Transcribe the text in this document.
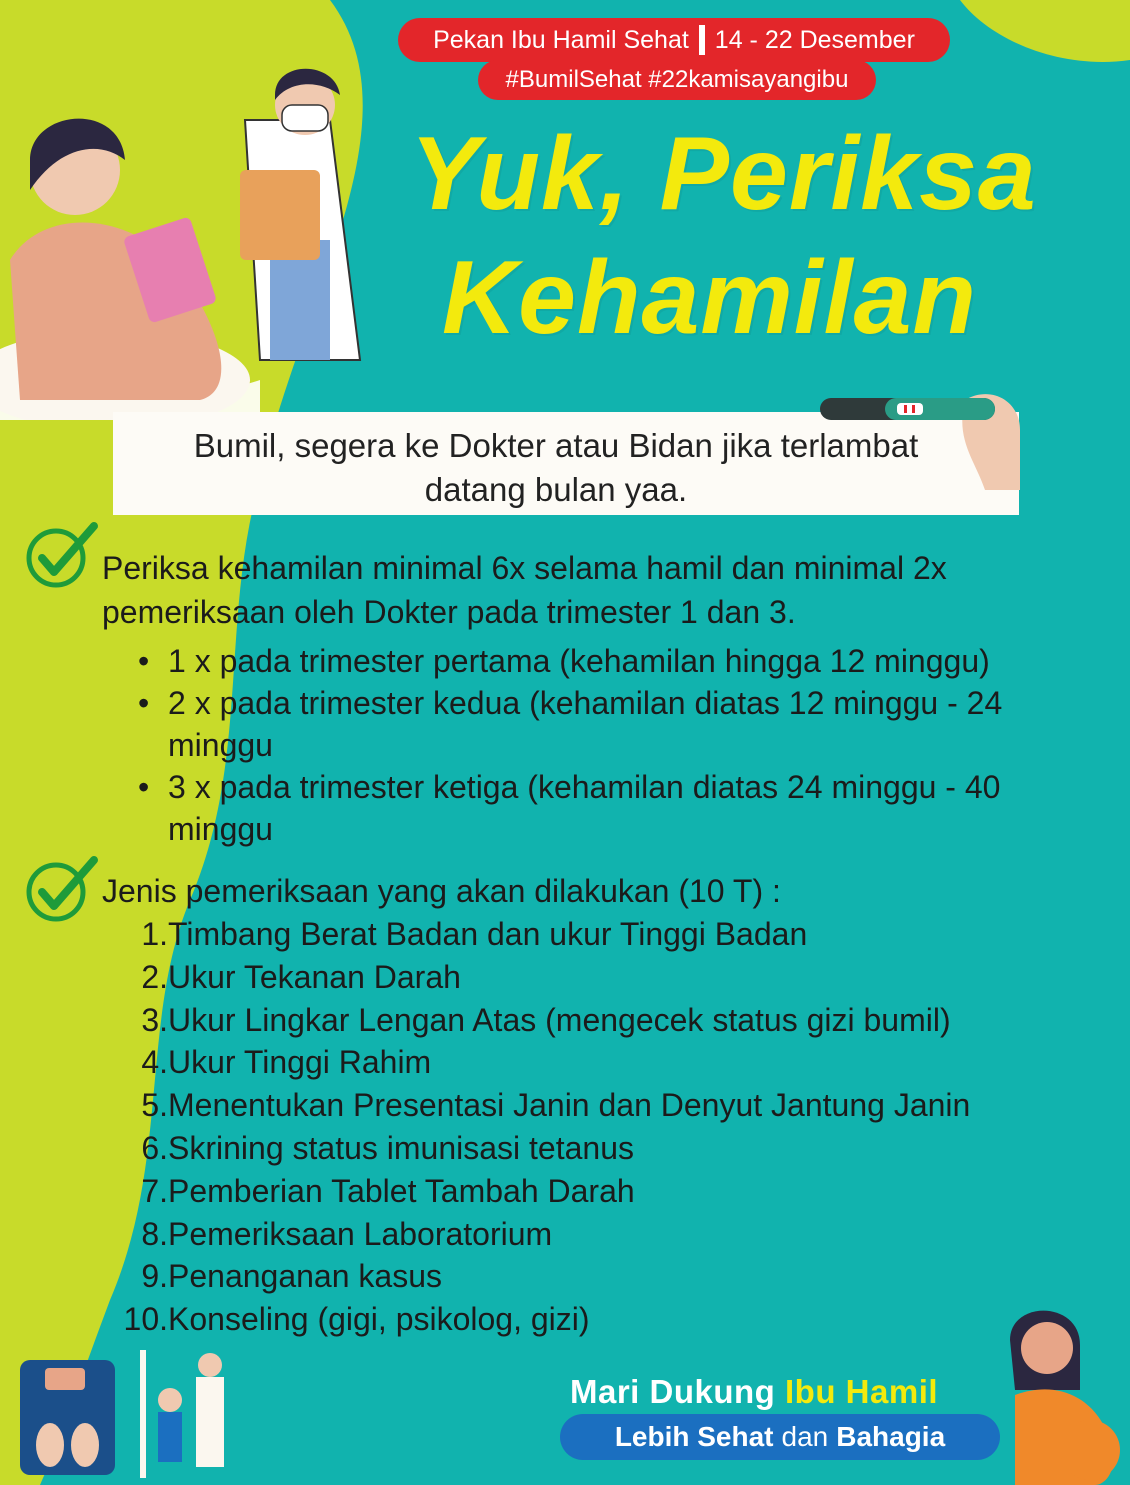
Pekan Ibu Hamil Sehat 14 - 22 Desember
#BumilSehat #22kamisayangibu
Yuk, Periksa
Kehamilan
Bumil, segera ke Dokter atau Bidan jika terlambat datang bulan yaa.
Periksa kehamilan minimal 6x selama hamil dan minimal 2x pemeriksaan oleh Dokter pada trimester 1 dan 3.
• 1 x pada trimester pertama (kehamilan hingga 12 minggu)
• 2 x pada trimester kedua (kehamilan diatas 12 minggu - 24 minggu
• 3 x pada trimester ketiga (kehamilan diatas 24 minggu - 40 minggu
Jenis pemeriksaan yang akan dilakukan (10 T) :
1. Timbang Berat Badan dan ukur Tinggi Badan
2. Ukur Tekanan Darah
3. Ukur Lingkar Lengan Atas (mengecek status gizi bumil)
4. Ukur Tinggi Rahim
5. Menentukan Presentasi Janin dan Denyut Jantung Janin
6. Skrining status imunisasi tetanus
7. Pemberian Tablet Tambah Darah
8. Pemeriksaan Laboratorium
9. Penanganan kasus
10. Konseling (gigi, psikolog, gizi)
Mari Dukung Ibu Hamil
Lebih Sehat dan Bahagia
